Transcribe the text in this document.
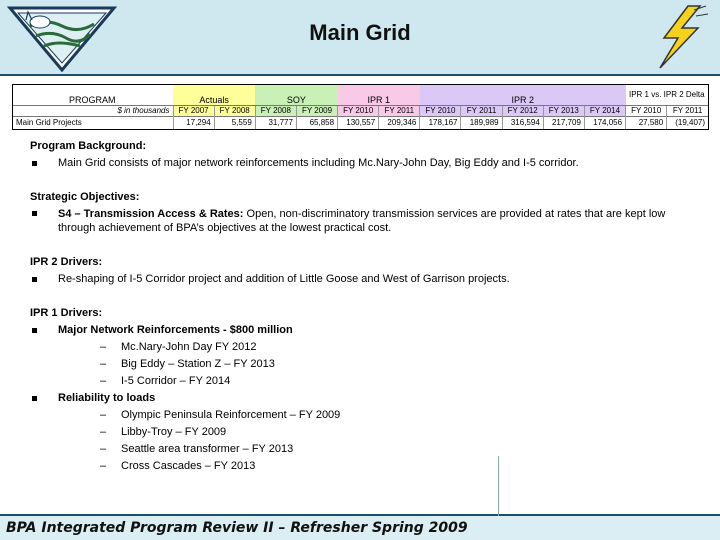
Main Grid
PROGRAM	Actuals		SOY		IPR 1		IPR 2					IPR 1 vs. IPR 2 Delta	
$ in thousands	FY 2007	FY 2008	FY 2008	FY 2009	FY 2010	FY 2011	FY 2010	FY 2011	FY 2012	FY 2013	FY 2014	FY 2010	FY 2011
Main Grid Projects	17,294	5,559	31,777	65,858	130,557	209,346	178,167	189,989	316,594	217,709	174,056	27,580	(19,407)
Program Background:
Main Grid consists of major network reinforcements including Mc.Nary-John Day, Big Eddy and I-5 corridor.
Strategic Objectives:
S4 – Transmission Access & Rates: Open, non-discriminatory transmission services are provided at rates that are kept low through achievement of BPA’s objectives at the lowest practical cost.
IPR 2 Drivers:
Re-shaping of I-5 Corridor project and addition of Little Goose and West of Garrison projects.
IPR 1 Drivers:
Major Network Reinforcements - $800 million
– Mc.Nary-John Day FY 2012
– Big Eddy – Station Z – FY 2013
– I-5 Corridor – FY 2014
Reliability to loads
– Olympic Peninsula Reinforcement – FY 2009
– Libby-Troy – FY 2009
– Seattle area transformer – FY 2013
– Cross Cascades – FY 2013
BPA Integrated Program Review II – Refresher Spring 2009
